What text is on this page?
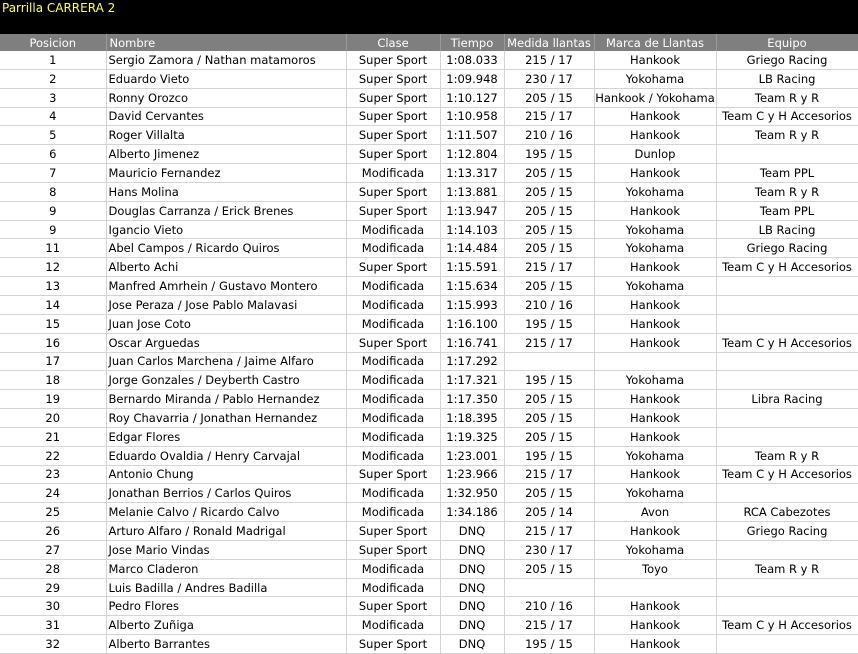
Parrilla CARRERA 2
Posicion	Nombre	Clase	Tiempo	Medida llantas	Marca de Llantas	Equipo
1	Sergio Zamora / Nathan matamoros	Super Sport	1:08.033	215 / 17	Hankook	Griego Racing
2	Eduardo Vieto	Super Sport	1:09.948	230 / 17	Yokohama	LB Racing
3	Ronny Orozco	Super Sport	1:10.127	205 / 15	Hankook / Yokohama	Team R y R
4	David Cervantes	Super Sport	1:10.958	215 / 17	Hankook	Team C y H Accesorios
5	Roger Villalta	Super Sport	1:11.507	210 / 16	Hankook	Team R y R
6	Alberto Jimenez	Super Sport	1:12.804	195 / 15	Dunlop	
7	Mauricio Fernandez	Modificada	1:13.317	205 / 15	Hankook	Team PPL
8	Hans Molina	Super Sport	1:13.881	205 / 15	Yokohama	Team R y R
9	Douglas Carranza / Erick Brenes	Super Sport	1:13.947	205 / 15	Hankook	Team PPL
9	Igancio Vieto	Modificada	1:14.103	205 / 15	Yokohama	LB Racing
11	Abel Campos / Ricardo Quiros	Modificada	1:14.484	205 / 15	Yokohama	Griego Racing
12	Alberto Achi	Super Sport	1:15.591	215 / 17	Hankook	Team C y H Accesorios
13	Manfred Amrhein / Gustavo Montero	Modificada	1:15.634	205 / 15	Yokohama	
14	Jose Peraza / Jose Pablo Malavasi	Modificada	1:15.993	210 / 16	Hankook	
15	Juan Jose Coto	Modificada	1:16.100	195 / 15	Hankook	
16	Oscar Arguedas	Super Sport	1:16.741	215 / 17	Hankook	Team C y H Accesorios
17	Juan Carlos Marchena / Jaime Alfaro	Modificada	1:17.292			
18	Jorge Gonzales / Deyberth Castro	Modificada	1:17.321	195 / 15	Yokohama	
19	Bernardo Miranda / Pablo Hernandez	Modificada	1:17.350	205 / 15	Hankook	Libra Racing
20	Roy Chavarria / Jonathan Hernandez	Modificada	1:18.395	205 / 15	Hankook	
21	Edgar Flores	Modificada	1:19.325	205 / 15	Hankook	
22	Eduardo Ovaldia / Henry Carvajal	Modificada	1:23.001	195 / 15	Yokohama	Team R y R
23	Antonio Chung	Super Sport	1:23.966	215 / 17	Hankook	Team C y H Accesorios
24	Jonathan Berrios / Carlos Quiros	Modificada	1:32.950	205 / 15	Yokohama	
25	Melanie Calvo / Ricardo Calvo	Modificada	1:34.186	205 / 14	Avon	RCA Cabezotes
26	Arturo Alfaro / Ronald Madrigal	Super Sport	DNQ	215 / 17	Hankook	Griego Racing
27	Jose Mario Vindas	Super Sport	DNQ	230 / 17	Yokohama	
28	Marco Claderon	Modificada	DNQ	205 / 15	Toyo	Team R y R
29	Luis Badilla / Andres Badilla	Modificada	DNQ			
30	Pedro Flores	Super Sport	DNQ	210 / 16	Hankook	
31	Alberto Zuñiga	Modificada	DNQ	215 / 17	Hankook	Team C y H Accesorios
32	Alberto Barrantes	Super Sport	DNQ	195 / 15	Hankook	
